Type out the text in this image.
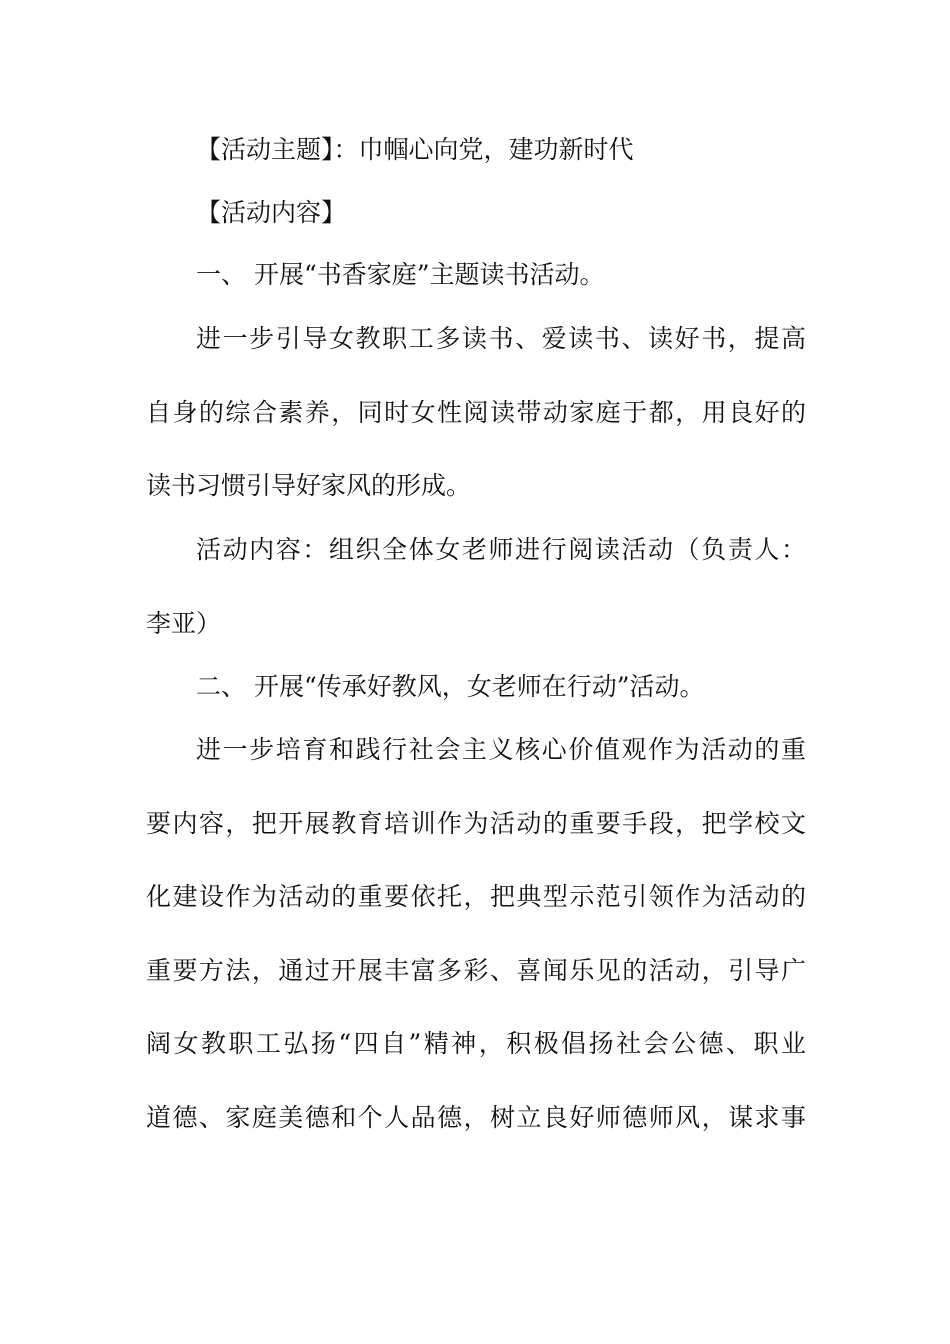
【活动主题】：巾帼心向党，建功新时代
【活动内容】
一、 开展“书香家庭”主题读书活动。
进一步引导女教职工多读书、爱读书、读好书，提高
自身的综合素养，同时女性阅读带动家庭于都，用良好的
读书习惯引导好家风的形成。
活动内容：组织全体女老师进行阅读活动（负责人：
李亚）
二、 开展“传承好教风，女老师在行动”活动。
进一步培育和践行社会主义核心价值观作为活动的重
要内容，把开展教育培训作为活动的重要手段，把学校文
化建设作为活动的重要依托，把典型示范引领作为活动的
重要方法，通过开展丰富多彩、喜闻乐见的活动，引导广
阔女教职工弘扬“四自”精神，积极倡扬社会公德、职业
道德、家庭美德和个人品德，树立良好师德师风，谋求事
